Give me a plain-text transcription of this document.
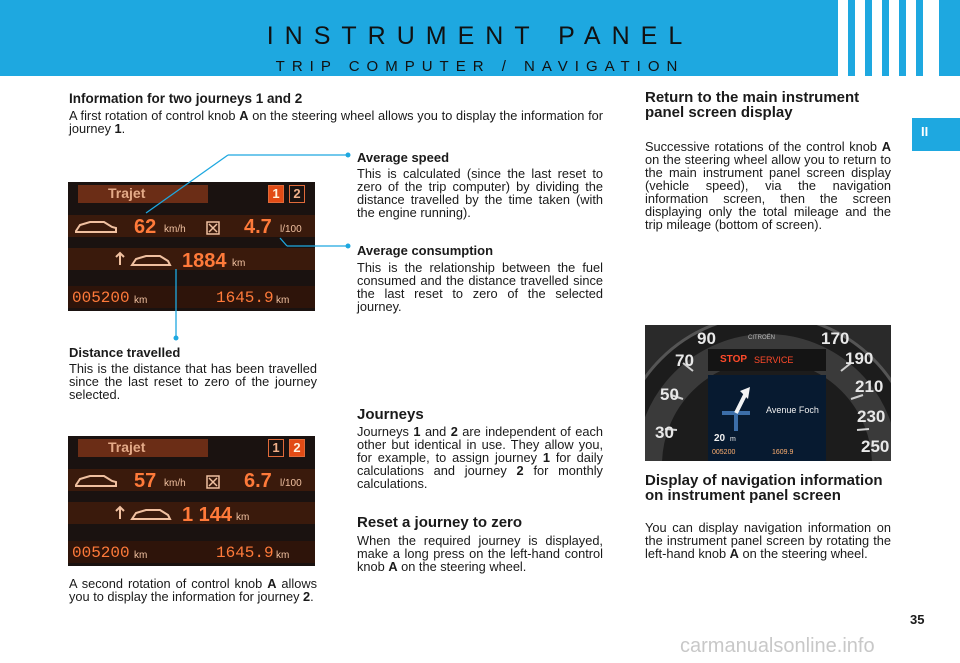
INSTRUMENT PANEL
TRIP COMPUTER / NAVIGATION
II
Information for two journeys 1 and 2
A first rotation of control knob A on the steering wheel allows you to display the information for journey 1.
Trajet	1	2
62 km/h	4.7 l/100
1884 km
005200 km	1645.9 km
Distance travelled
This is the distance that has been travelled since the last reset to zero of the journey selected.
Trajet	1	2
57 km/h	6.7 l/100
1 144 km
005200 km	1645.9 km
A second rotation of control knob A allows you to display the information for journey 2.
Average speed
This is calculated (since the last reset to zero of the trip computer) by dividing the distance travelled by the time taken (with the engine running).
Average consumption
This is the relationship between the fuel consumed and the distance travelled since the last reset to zero of the selected journey.
Journeys
Journeys 1 and 2 are independent of each other but identical in use. They allow you, for example, to assign journey 1 for daily calculations and journey 2 for monthly calculations.
Reset a journey to zero
When the required journey is displayed, make a long press on the left-hand control knob A on the steering wheel.
Return to the main instrument panel screen display
Successive rotations of the control knob A on the steering wheel allow you to return to the main instrument panel screen display (vehicle speed), via the navigation information screen, then the screen displaying only the total mileage and the trip mileage (bottom of screen).
30
50
70
90	170
190
210
230
250
CITROËN
STOP SERVICE
Avenue Foch
20 m
005200	1609.9
Display of navigation information on instrument panel screen
You can display navigation information on the instrument panel screen by rotating the left-hand knob A on the steering wheel.
35
carmanualsonline.info
